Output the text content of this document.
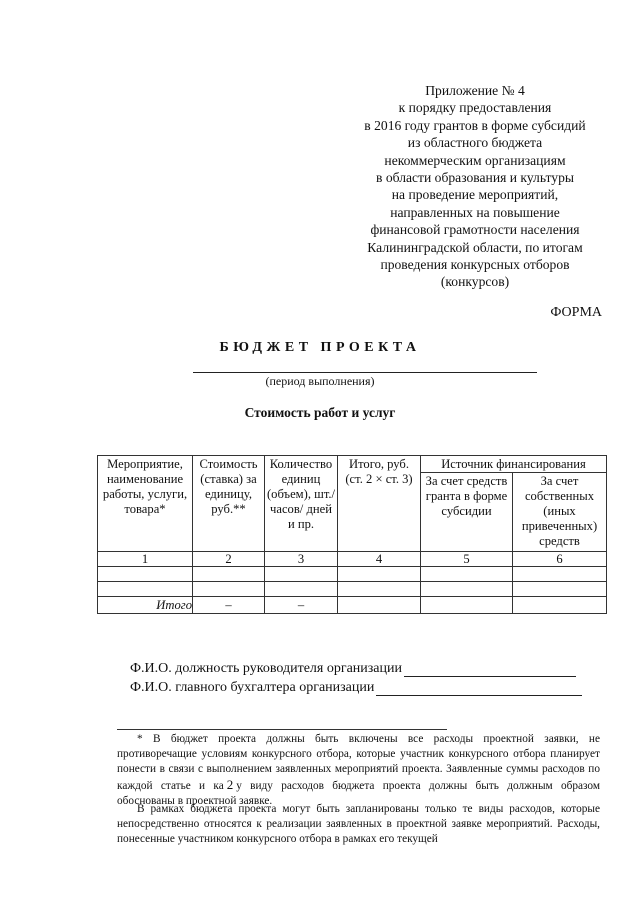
Приложение № 4
к порядку предоставления
в 2016 году грантов в форме субсидий
из областного бюджета
некоммерческим организациям
в области образования и культуры
на проведение мероприятий,
направленных на повышение
финансовой грамотности населения
Калининградской области, по итогам
проведения конкурсных отборов
(конкурсов)
ФОРМА
БЮДЖЕТ ПРОЕКТА
(период выполнения)
Стоимость работ и услуг
Мероприятие, наименование работы, услуги, товара*	Стоимость (ставка) за единицу, руб.**	Количество единиц (объем), шт./часов/ дней и пр.	Итого, руб. (ст. 2 × ст. 3)	Источник финансирования	
				За счет средств гранта в форме субсидии	За счет собственных (иных привеченных) средств
1	2	3	4	5	6

Итого	–	–			
Ф.И.О. должность руководителя организации
Ф.И.О. главного бухгалтера организации

* В бюджет проекта должны быть включены все расходы проектной заявки, не противоречащие условиям конкурсного отбора, которые участник конкурсного отбора планирует понести в связи с выполнением заявленных мероприятий проекта. Заявленные суммы расходов по каждой статье и ка 2 у виду расходов бюджета проекта должны быть должным образом обоснованы в проектной заявке.

В рамках бюджета проекта могут быть запланированы только те виды расходов, которые непосредственно относятся к реализации заявленных в проектной заявке мероприятий. Расходы, понесенные участником конкурсного отбора в рамках его текущей
